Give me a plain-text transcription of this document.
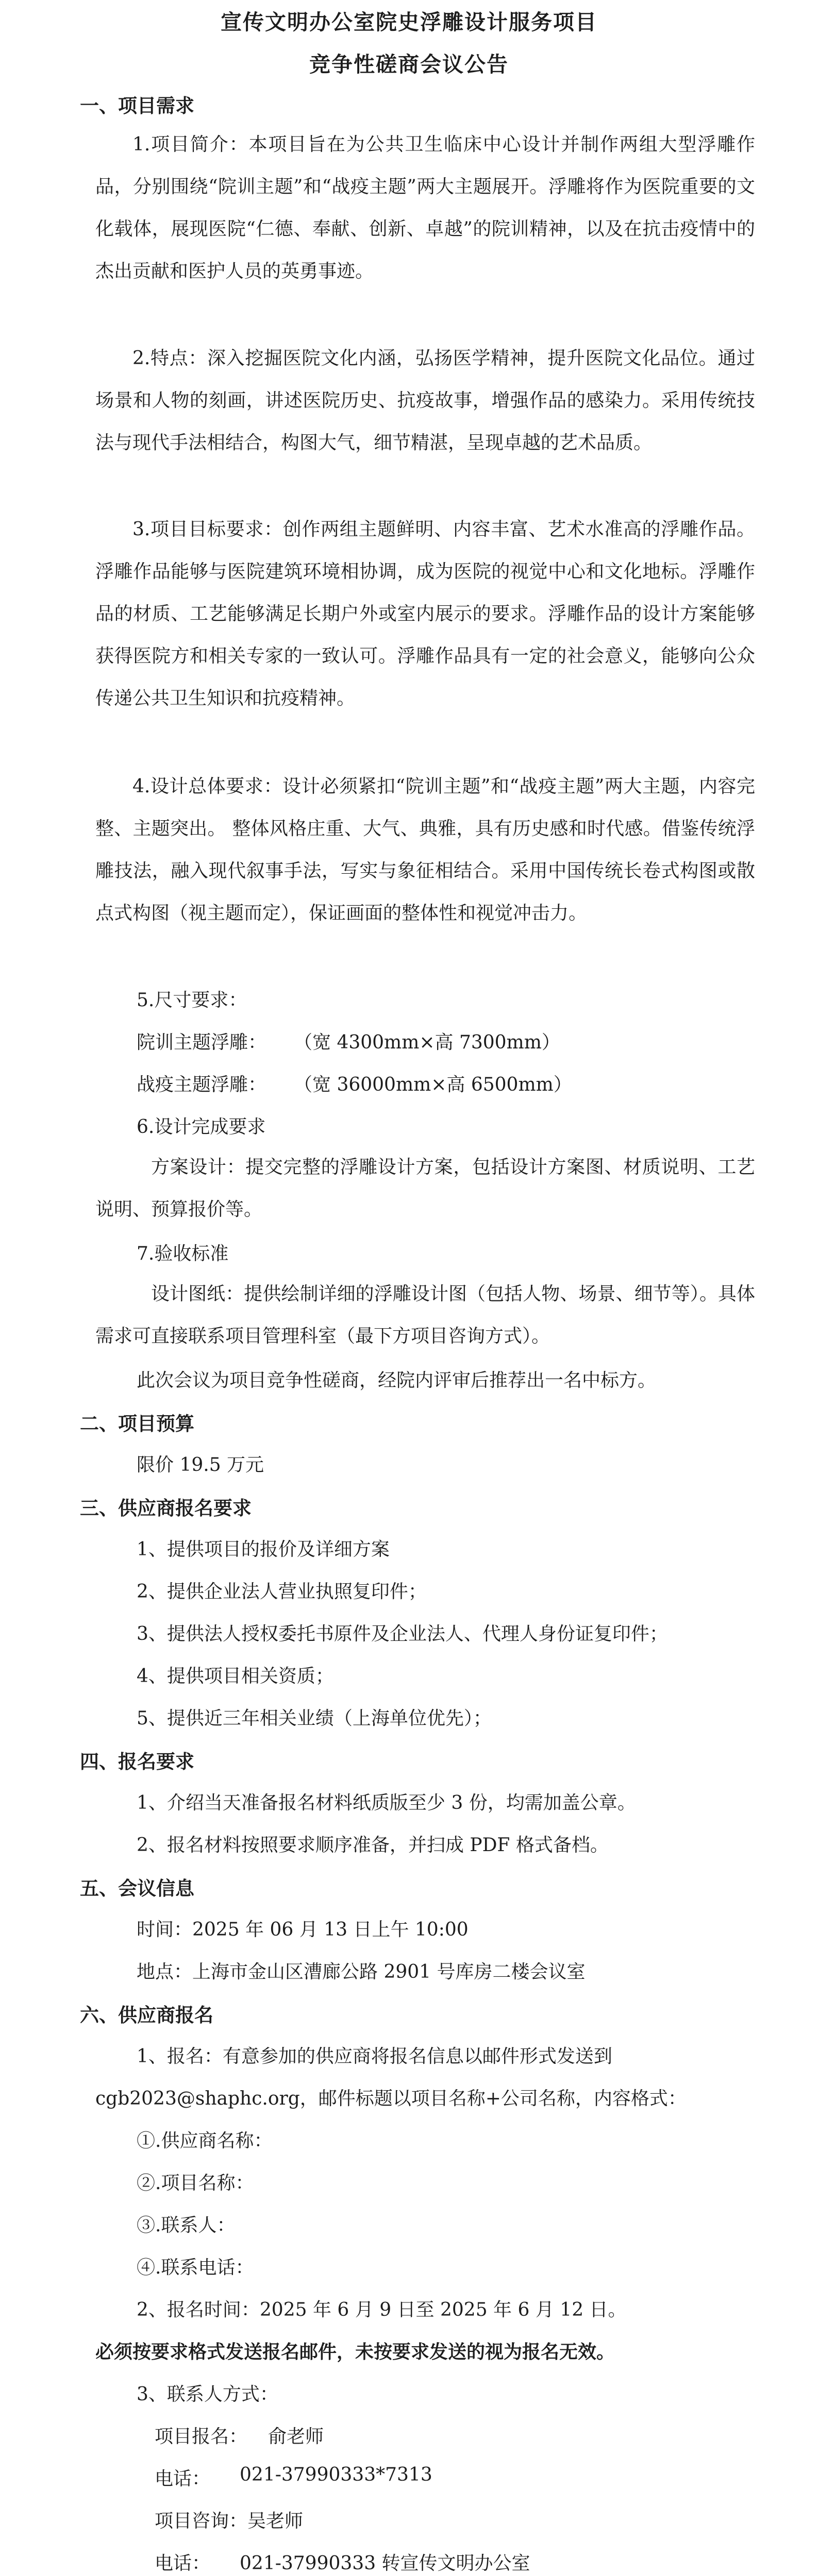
宣传文明办公室院史浮雕设计服务项目
竞争性磋商会议公告
一、项目需求
1.项目简介：本项目旨在为公共卫生临床中心设计并制作两组大型浮雕作品，分别围绕“院训主题”和“战疫主题”两大主题展开。浮雕将作为医院重要的文化载体，展现医院“仁德、奉献、创新、卓越”的院训精神，以及在抗击疫情中的杰出贡献和医护人员的英勇事迹。
2.特点：深入挖掘医院文化内涵，弘扬医学精神，提升医院文化品位。通过场景和人物的刻画，讲述医院历史、抗疫故事，增强作品的感染力。采用传统技法与现代手法相结合，构图大气，细节精湛，呈现卓越的艺术品质。
3.项目目标要求：创作两组主题鲜明、内容丰富、艺术水准高的浮雕作品。浮雕作品能够与医院建筑环境相协调，成为医院的视觉中心和文化地标。浮雕作品的材质、工艺能够满足长期户外或室内展示的要求。浮雕作品的设计方案能够获得医院方和相关专家的一致认可。浮雕作品具有一定的社会意义，能够向公众传递公共卫生知识和抗疫精神。
4.设计总体要求：设计必须紧扣“院训主题”和“战疫主题”两大主题，内容完整、主题突出。 整体风格庄重、大气、典雅，具有历史感和时代感。借鉴传统浮雕技法，融入现代叙事手法，写实与象征相结合。采用中国传统长卷式构图或散点式构图（视主题而定），保证画面的整体性和视觉冲击力。
5.尺寸要求：
院训主题浮雕： （宽 4300mm×高 7300mm）
战疫主题浮雕： （宽 36000mm×高 6500mm）
6.设计完成要求
方案设计：提交完整的浮雕设计方案，包括设计方案图、材质说明、工艺说明、预算报价等。
7.验收标准
设计图纸：提供绘制详细的浮雕设计图（包括人物、场景、细节等）。具体需求可直接联系项目管理科室（最下方项目咨询方式）。
此次会议为项目竞争性磋商，经院内评审后推荐出一名中标方。
二、项目预算
限价 19.5 万元
三、供应商报名要求
1、提供项目的报价及详细方案
2、提供企业法人营业执照复印件；
3、提供法人授权委托书原件及企业法人、代理人身份证复印件；
4、提供项目相关资质；
5、提供近三年相关业绩（上海单位优先）；
四、报名要求
1、介绍当天准备报名材料纸质版至少 3 份，均需加盖公章。
2、报名材料按照要求顺序准备，并扫成 PDF 格式备档。
五、会议信息
时间：2025 年 06 月 13 日上午 10:00
地点：上海市金山区漕廊公路 2901 号库房二楼会议室
六、供应商报名
1、报名：有意参加的供应商将报名信息以邮件形式发送到
cgb2023@shaphc.org，邮件标题以项目名称+公司名称，内容格式：
①.供应商名称：
②.项目名称：
③.联系人：
④.联系电话：
2、报名时间：2025 年 6 月 9 日至 2025 年 6 月 12 日。
必须按要求格式发送报名邮件，未按要求发送的视为报名无效。
3、联系人方式：
项目报名： 俞老师
电话： 021-37990333*7313
项目咨询：吴老师
电话： 021-37990333 转宣传文明办公室
